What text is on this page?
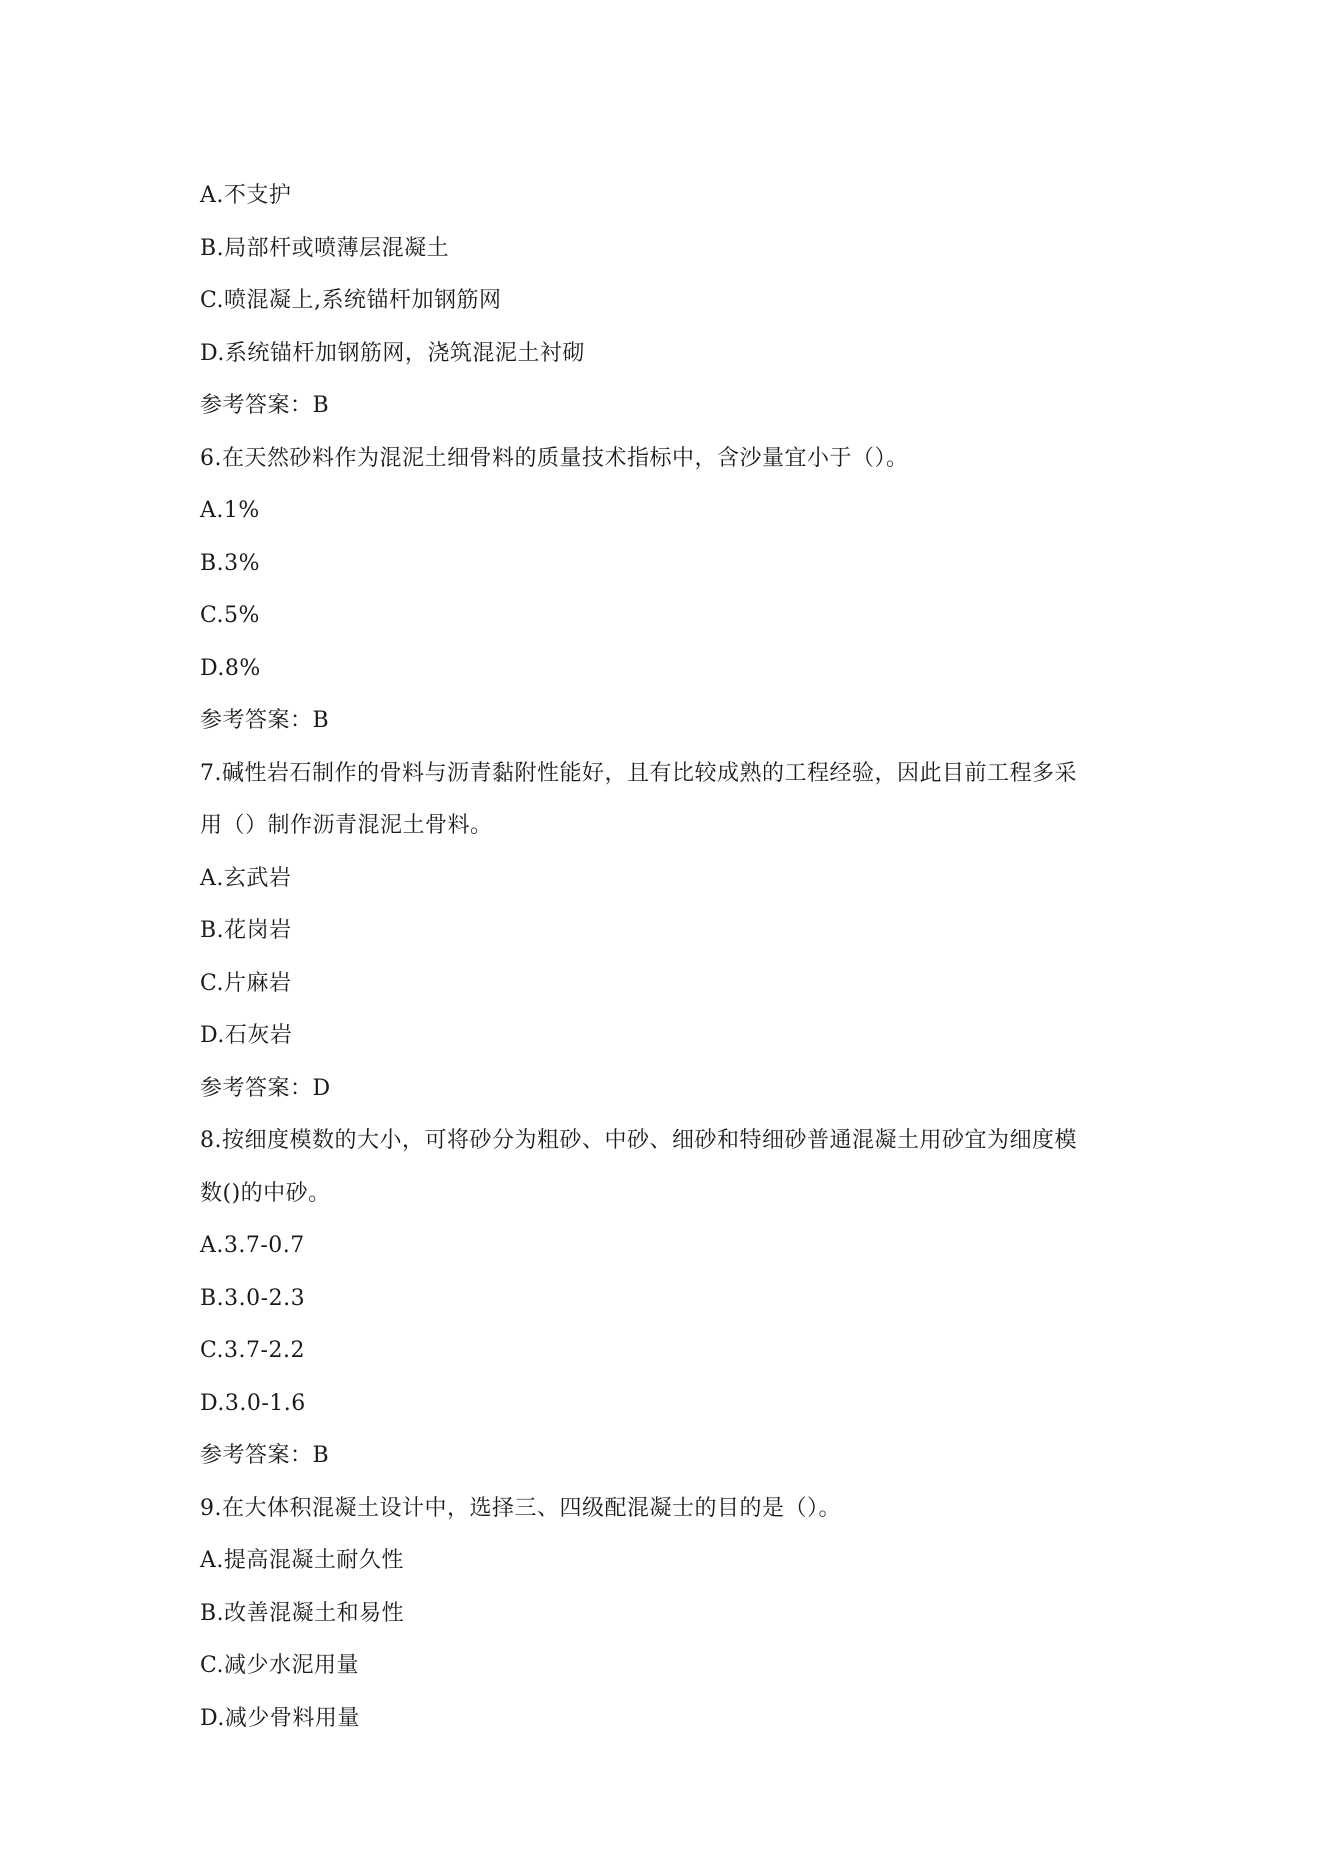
A.不支护
B.局部杆或喷薄层混凝土
C.喷混凝上,系统锚杆加钢筋网
D.系统锚杆加钢筋网，浇筑混泥土衬砌
参考答案：B
6.在天然砂料作为混泥土细骨料的质量技术指标中，含沙量宜小于（）。
A.1%
B.3%
C.5%
D.8%
参考答案：B
7.碱性岩石制作的骨料与沥青黏附性能好，且有比较成熟的工程经验，因此目前工程多采
用（）制作沥青混泥土骨料。
A.玄武岩
B.花岗岩
C.片麻岩
D.石灰岩
参考答案：D
8.按细度模数的大小，可将砂分为粗砂、中砂、细砂和特细砂普通混凝土用砂宜为细度模
数()的中砂。
A.3.7-0.7
B.3.0-2.3
C.3.7-2.2
D.3.0-1.6
参考答案：B
9.在大体积混凝土设计中，选择三、四级配混凝士的目的是（）。
A.提高混凝土耐久性
B.改善混凝土和易性
C.减少水泥用量
D.减少骨料用量
